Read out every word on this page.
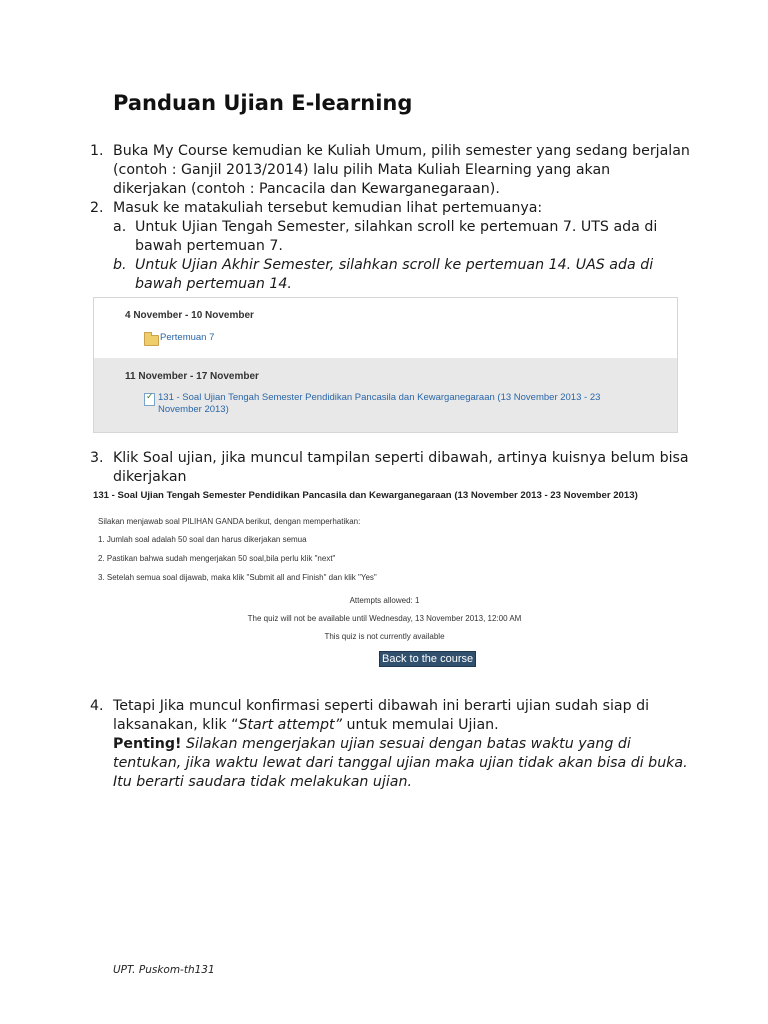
Panduan Ujian E-learning
1. Buka My Course kemudian ke Kuliah Umum, pilih semester yang sedang berjalan
(contoh : Ganjil 2013/2014) lalu pilih Mata Kuliah Elearning yang akan
dikerjakan (contoh : Pancacila dan Kewarganegaraan).
2. Masuk ke matakuliah tersebut kemudian lihat pertemuanya:
a. Untuk Ujian Tengah Semester, silahkan scroll ke pertemuan 7. UTS ada di
bawah pertemuan 7.
b. Untuk Ujian Akhir Semester, silahkan scroll ke pertemuan 14. UAS ada di
bawah pertemuan 14.
4 November - 10 November
Pertemuan 7
11 November - 17 November
✓
131 - Soal Ujian Tengah Semester Pendidikan Pancasila dan Kewarganegaraan (13 November 2013 - 23
November 2013)
3. Klik Soal ujian, jika muncul tampilan seperti dibawah, artinya kuisnya belum bisa
dikerjakan
131 - Soal Ujian Tengah Semester Pendidikan Pancasila dan Kewarganegaraan (13 November 2013 - 23 November 2013)
Silakan menjawab soal PILIHAN GANDA berikut, dengan memperhatikan:
1. Jumlah soal adalah 50 soal dan harus dikerjakan semua
2. Pastikan bahwa sudah mengerjakan 50 soal,bila perlu klik "next"
3. Setelah semua soal dijawab, maka klik "Submit all and Finish" dan klik "Yes"
Attempts allowed: 1
The quiz will not be available until Wednesday, 13 November 2013, 12:00 AM
This quiz is not currently available
Back to the course
4. Tetapi Jika muncul konfirmasi seperti dibawah ini berarti ujian sudah siap di
laksanakan, klik “Start attempt” untuk memulai Ujian.
Penting! Silakan mengerjakan ujian sesuai dengan batas waktu yang di
tentukan, jika waktu lewat dari tanggal ujian maka ujian tidak akan bisa di buka.
Itu berarti saudara tidak melakukan ujian.
UPT. Puskom-th131
